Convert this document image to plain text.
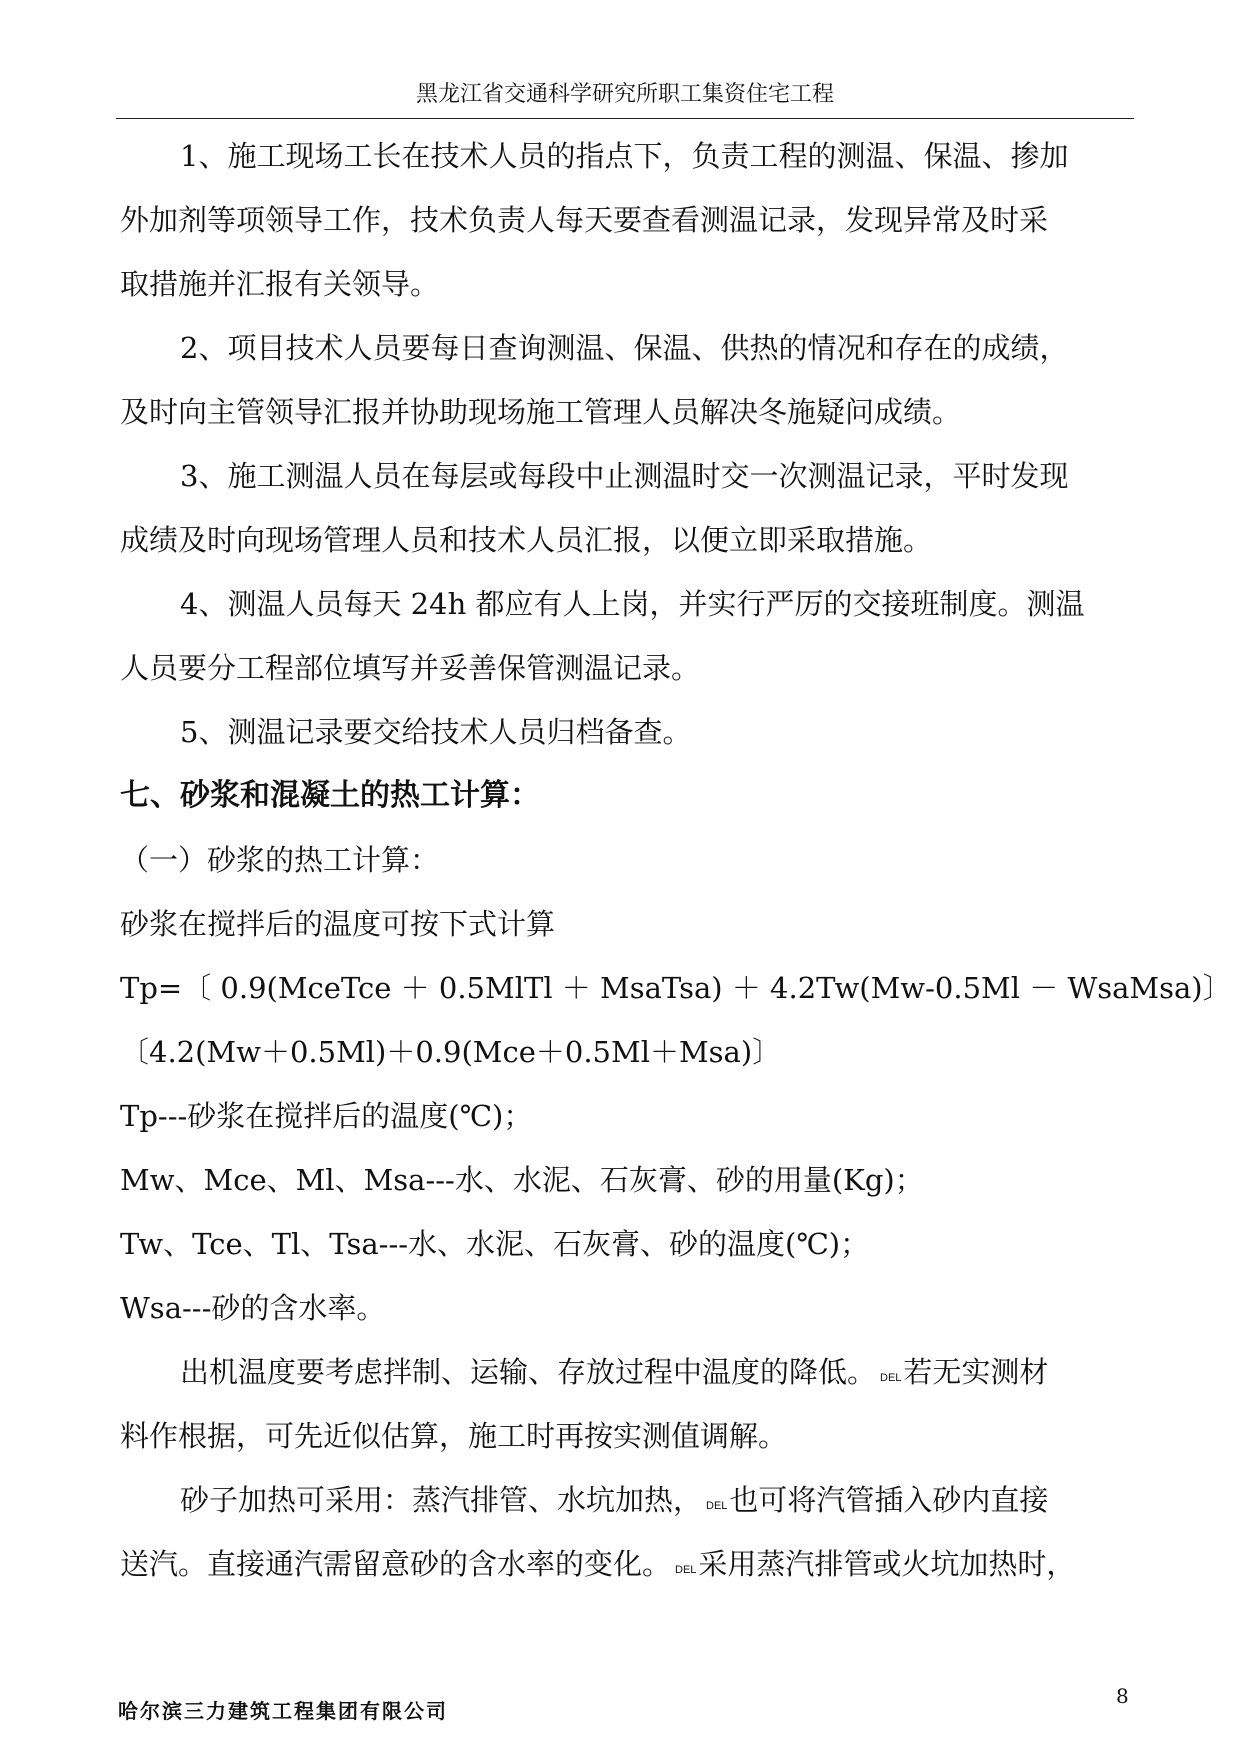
黑龙江省交通科学研究所职工集资住宅工程
1、施工现场工长在技术人员的指点下，负责工程的测温、保温、掺加
外加剂等项领导工作，技术负责人每天要查看测温记录，发现异常及时采
取措施并汇报有关领导。
2、项目技术人员要每日查询测温、保温、供热的情况和存在的成绩，
及时向主管领导汇报并协助现场施工管理人员解决冬施疑问成绩。
3、施工测温人员在每层或每段中止测温时交一次测温记录，平时发现
成绩及时向现场管理人员和技术人员汇报，以便立即采取措施。
4、测温人员每天 24h 都应有人上岗，并实行严厉的交接班制度。测温
人员要分工程部位填写并妥善保管测温记录。
5、测温记录要交给技术人员归档备查。
七、砂浆和混凝土的热工计算：
（一）砂浆的热工计算：
砂浆在搅拌后的温度可按下式计算
Tp=〔 0.9(MceTce ＋ 0.5MlTl ＋ MsaTsa) ＋ 4.2Tw(Mw-0.5Ml － WsaMsa)〕
〔4.2(Mw＋0.5Ml)＋0.9(Mce＋0.5Ml＋Msa)〕
Tp---砂浆在搅拌后的温度(℃)；
Mw、Mce、Ml、Msa---水、水泥、石灰膏、砂的用量(Kg)；
Tw、Tce、Tl、Tsa---水、水泥、石灰膏、砂的温度(℃)；
Wsa---砂的含水率。
出机温度要考虑拌制、运输、存放过程中温度的降低。 DEL若无实测材
料作根据，可先近似估算，施工时再按实测值调解。
砂子加热可采用：蒸汽排管、水坑加热， DEL也可将汽管插入砂内直接
送汽。直接通汽需留意砂的含水率的变化。 DEL采用蒸汽排管或火坑加热时，
哈尔滨三力建筑工程集团有限公司
8
